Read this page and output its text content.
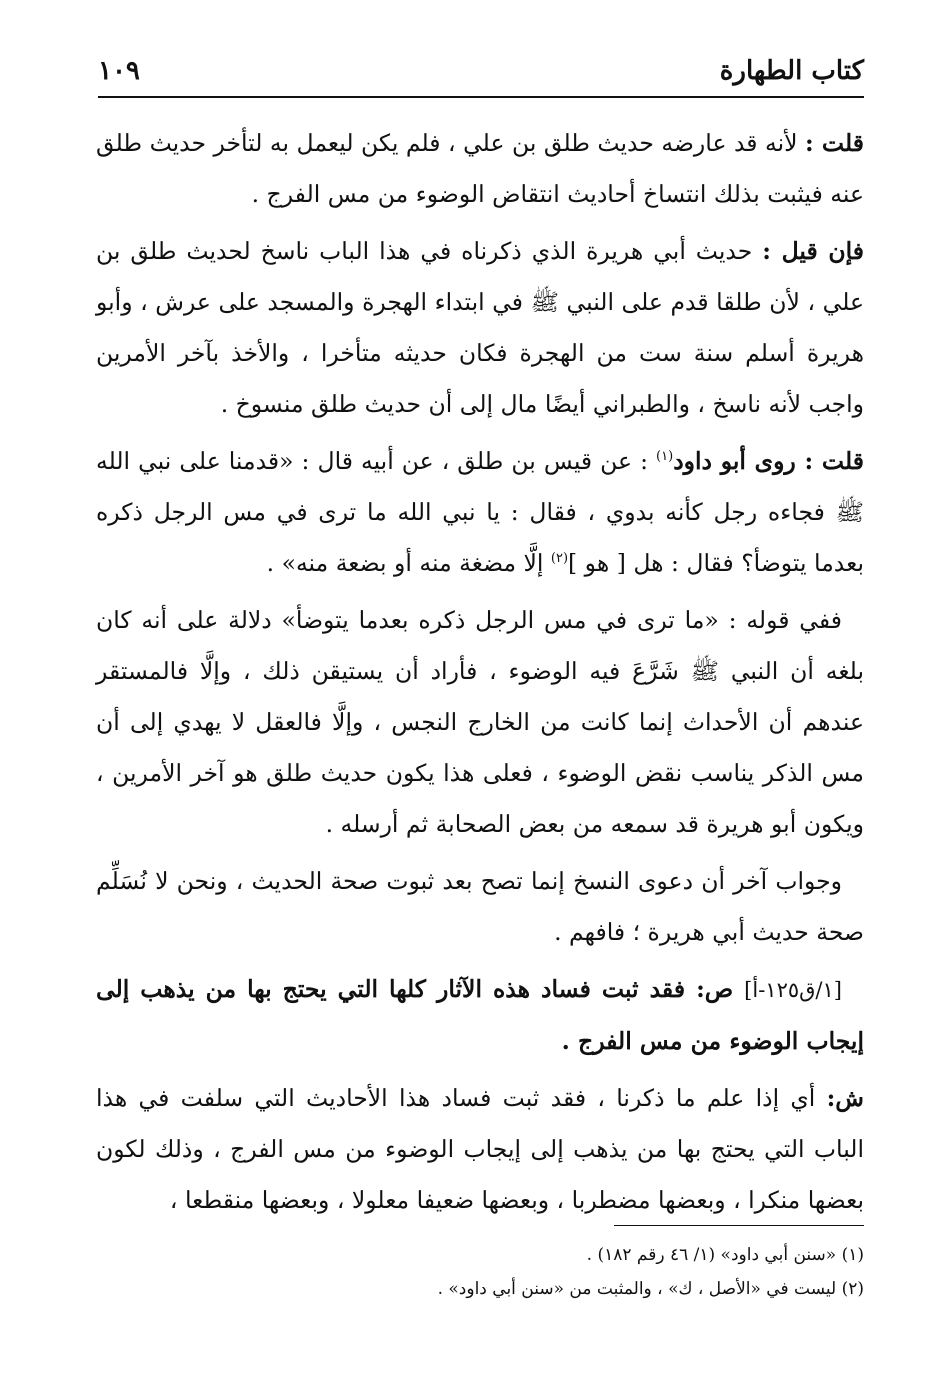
كتاب الطهارة
١٠٩

قلت : لأنه قد عارضه حديث طلق بن علي ، فلم يكن ليعمل به لتأخر حديث طلق عنه فيثبت بذلك انتساخ أحاديث انتقاض الوضوء من مس الفرج .

فإن قيل : حديث أبي هريرة الذي ذكرناه في هذا الباب ناسخ لحديث طلق بن علي ، لأن طلقا قدم على النبي ﷺ في ابتداء الهجرة والمسجد على عرش ، وأبو هريرة أسلم سنة ست من الهجرة فكان حديثه متأخرا ، والأخذ بآخر الأمرين واجب لأنه ناسخ ، والطبراني أيضًا مال إلى أن حديث طلق منسوخ .

قلت : روى أبو داود$^{(١)}$ : عن قيس بن طلق ، عن أبيه قال : «قدمنا على نبي الله ﷺ فجاءه رجل كأنه بدوي ، فقال : يا نبي الله ما ترى في مس الرجل ذكره بعدما يتوضأ؟ فقال : هل [ هو ]$^{(٢)}$ إلَّا مضغة منه أو بضعة منه» .

ففي قوله : «ما ترى في مس الرجل ذكره بعدما يتوضأ» دلالة على أنه كان بلغه أن النبي ﷺ شَرَّعَ فيه الوضوء ، فأراد أن يستيقن ذلك ، وإلَّا فالمستقر عندهم أن الأحداث إنما كانت من الخارج النجس ، وإلَّا فالعقل لا يهدي إلى أن مس الذكر يناسب نقض الوضوء ، فعلى هذا يكون حديث طلق هو آخر الأمرين ، ويكون أبو هريرة قد سمعه من بعض الصحابة ثم أرسله .

وجواب آخر أن دعوى النسخ إنما تصح بعد ثبوت صحة الحديث ، ونحن لا نُسَلِّم صحة حديث أبي هريرة ؛ فافهم .

[١/ق١٢٥-أ] ص: فقد ثبت فساد هذه الآثار كلها التي يحتج بها من يذهب إلى إيجاب الوضوء من مس الفرج .

ش: أي إذا علم ما ذكرنا ، فقد ثبت فساد هذا الأحاديث التي سلفت في هذا الباب التي يحتج بها من يذهب إلى إيجاب الوضوء من مس الفرج ، وذلك لكون بعضها منكرا ، وبعضها مضطربا ، وبعضها ضعيفا معلولا ، وبعضها منقطعا ،

(١) «سنن أبي داود» (١/ ٤٦ رقم ١٨٢) .

(٢) ليست في «الأصل ، ك» ، والمثبت من «سنن أبي داود» .
